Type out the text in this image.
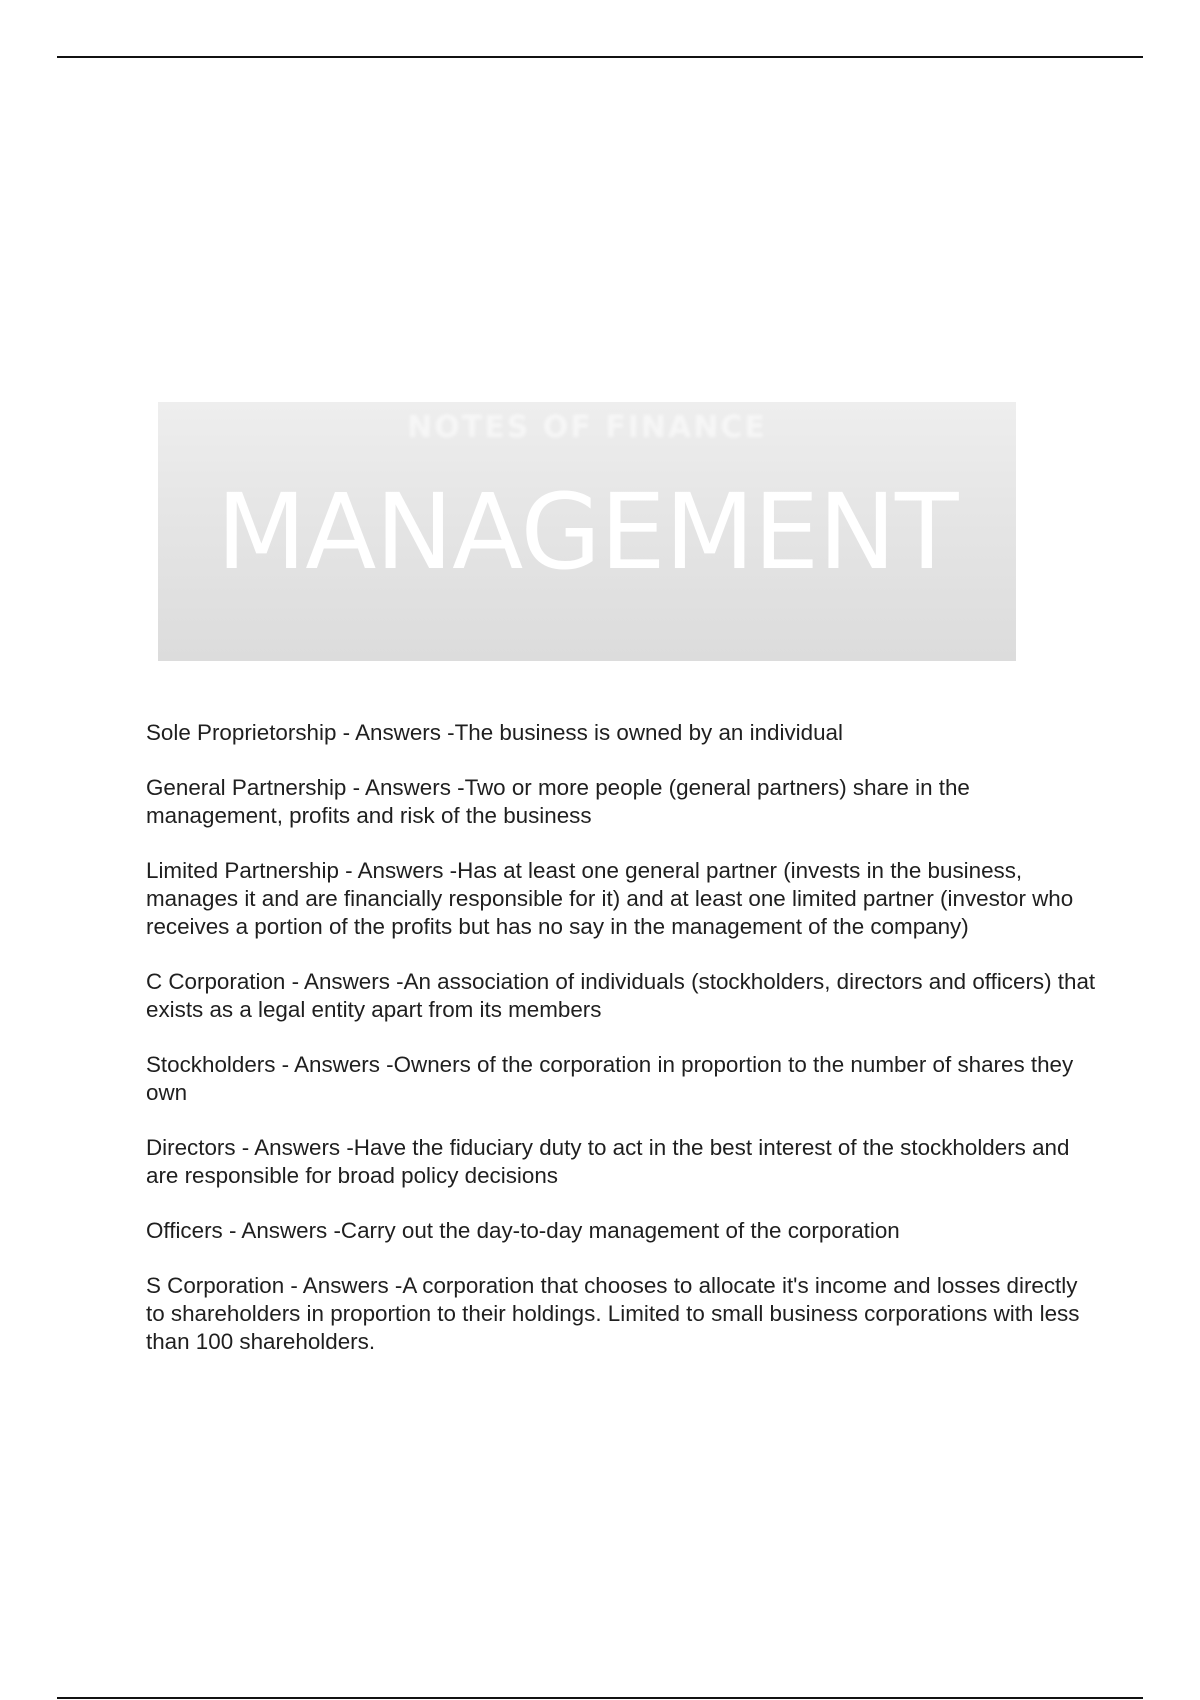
NOTES OF FINANCE
MANAGEMENT

Sole Proprietorship - Answers -The business is owned by an individual

General Partnership - Answers -Two or more people (general partners) share in the management, profits and risk of the business

Limited Partnership - Answers -Has at least one general partner (invests in the business, manages it and are financially responsible for it) and at least one limited partner (investor who receives a portion of the profits but has no say in the management of the company)

C Corporation - Answers -An association of individuals (stockholders, directors and officers) that exists as a legal entity apart from its members

Stockholders - Answers -Owners of the corporation in proportion to the number of shares they own

Directors - Answers -Have the fiduciary duty to act in the best interest of the stockholders and are responsible for broad policy decisions

Officers - Answers -Carry out the day-to-day management of the corporation

S Corporation - Answers -A corporation that chooses to allocate it's income and losses directly to shareholders in proportion to their holdings. Limited to small business corporations with less than 100 shareholders.
